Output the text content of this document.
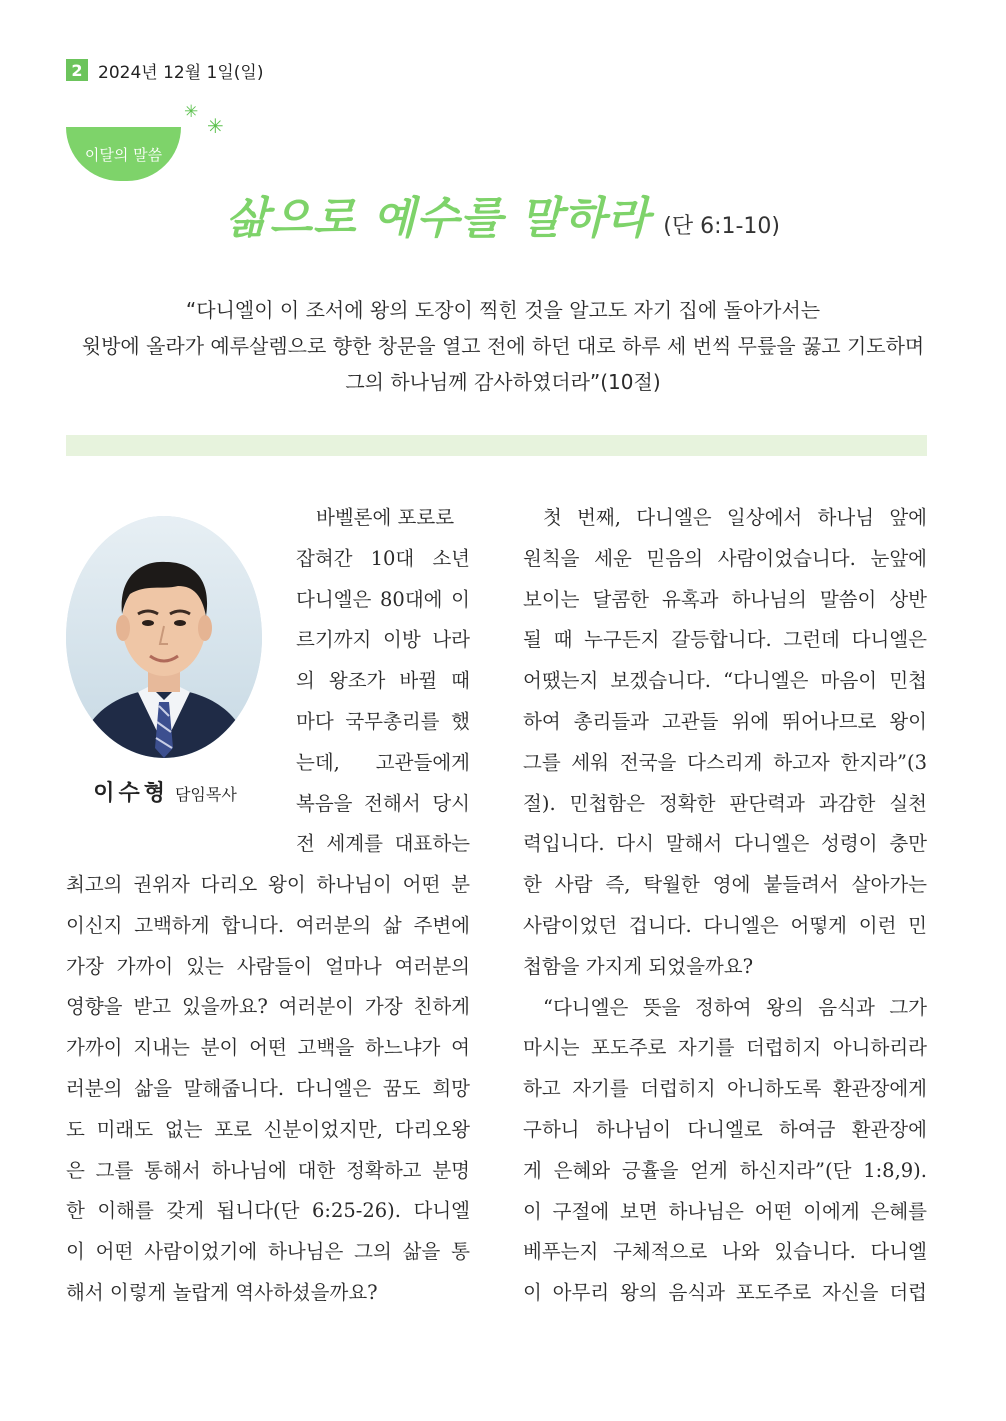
2 2024년 12월 1일(일)
이달의 말씀
✳
✳
삶으로 예수를 말하라 (단 6:1-10)
“다니엘이 이 조서에 왕의 도장이 찍힌 것을 알고도 자기 집에 돌아가서는
윗방에 올라가 예루살렘으로 향한 창문을 열고 전에 하던 대로 하루 세 번씩 무릎을 꿇고 기도하며
그의 하나님께 감사하였더라”(10절)
이수형 담임목사
바벨론에 포로로
잡혀간 10대 소년
다니엘은 80대에 이
르기까지 이방 나라
의 왕조가 바뀔 때
마다 국무총리를 했
는데, 고관들에게
복음을 전해서 당시
전 세계를 대표하는
최고의 권위자 다리오 왕이 하나님이 어떤 분
이신지 고백하게 합니다. 여러분의 삶 주변에
가장 가까이 있는 사람들이 얼마나 여러분의
영향을 받고 있을까요? 여러분이 가장 친하게
가까이 지내는 분이 어떤 고백을 하느냐가 여
러분의 삶을 말해줍니다. 다니엘은 꿈도 희망
도 미래도 없는 포로 신분이었지만, 다리오왕
은 그를 통해서 하나님에 대한 정확하고 분명
한 이해를 갖게 됩니다(단 6:25-26). 다니엘
이 어떤 사람이었기에 하나님은 그의 삶을 통
해서 이렇게 놀랍게 역사하셨을까요?
첫 번째, 다니엘은 일상에서 하나님 앞에
원칙을 세운 믿음의 사람이었습니다. 눈앞에
보이는 달콤한 유혹과 하나님의 말씀이 상반
될 때 누구든지 갈등합니다. 그런데 다니엘은
어땠는지 보겠습니다. “다니엘은 마음이 민첩
하여 총리들과 고관들 위에 뛰어나므로 왕이
그를 세워 전국을 다스리게 하고자 한지라”(3
절). 민첩함은 정확한 판단력과 과감한 실천
력입니다. 다시 말해서 다니엘은 성령이 충만
한 사람 즉, 탁월한 영에 붙들려서 살아가는
사람이었던 겁니다. 다니엘은 어떻게 이런 민
첩함을 가지게 되었을까요?
“다니엘은 뜻을 정하여 왕의 음식과 그가
마시는 포도주로 자기를 더럽히지 아니하리라
하고 자기를 더럽히지 아니하도록 환관장에게
구하니 하나님이 다니엘로 하여금 환관장에
게 은혜와 긍휼을 얻게 하신지라”(단 1:8,9).
이 구절에 보면 하나님은 어떤 이에게 은혜를
베푸는지 구체적으로 나와 있습니다. 다니엘
이 아무리 왕의 음식과 포도주로 자신을 더럽
